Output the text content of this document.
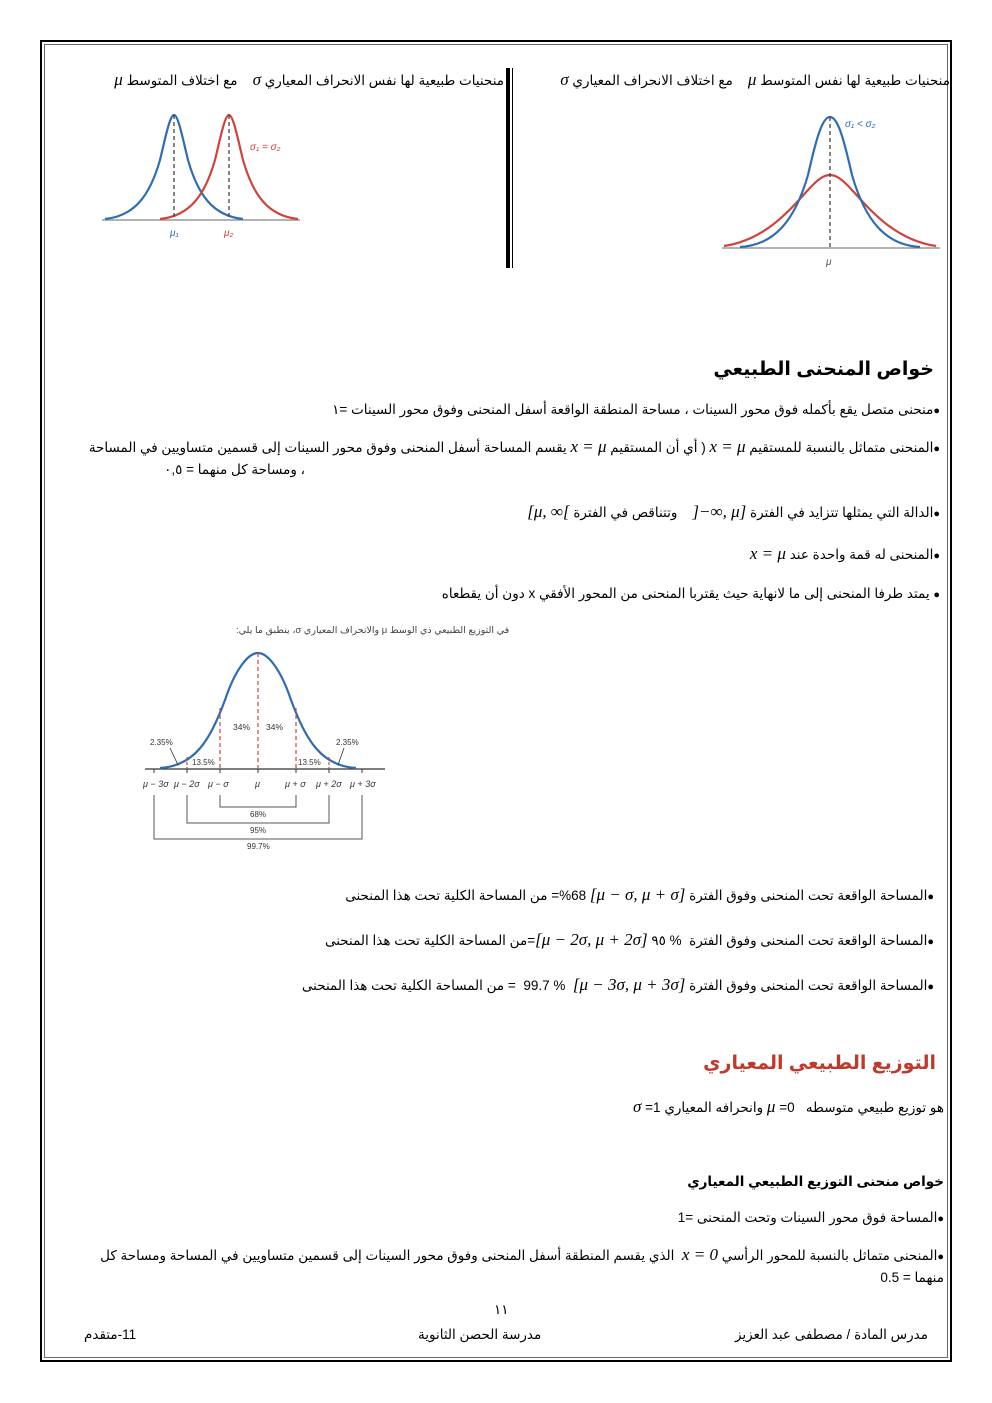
منحنيات طبيعية لها نفس المتوسط μ    مع اختلاف الانحراف المعياري σ
منحنيات طبيعية لها نفس الانحراف المعياري σ    مع اختلاف المتوسط μ
σ₁ = σ₂
μ₁	μ₂
σ₁ < σ₂
μ
خواص المنحنى الطبيعي
●منحنى متصل يقع بأكمله فوق محور السينات ، مساحة المنطقة الواقعة أسفل المنحنى وفوق محور السينات =١
●المنحنى متماثل بالنسبة للمستقيم x = μ ( أي أن المستقيم x = μ يقسم المساحة أسفل المنحنى وفوق محور السينات إلى قسمين متساويين في المساحة
، ومساحة كل منهما = ٠,٥
●الدالة التي يمثلها تتزايد في الفترة ]−∞, μ]    وتتناقص في الفترة [μ, ∞[
●المنحنى له قمة واحدة عند x = μ
● يمتد طرفا المنحنى إلى ما لانهاية حيث يقتربا المنحنى من المحور الأفقي x دون أن يقطعاه
في التوزيع الطبيعي ذي الوسط μ والانحراف المعياري σ، ينطبق ما يلي:
34% 34%
13.5%	13.5%
2.35%	2.35%
μ − 3σ μ − 2σ μ − σ	μ	μ + σ μ + 2σ μ + 3σ
68%
95%
99.7%
●المساحة الواقعة تحت المنحنى وفوق الفترة [μ − σ, μ + σ] 68%= من المساحة الكلية تحت هذا المنحنى
●المساحة الواقعة تحت المنحنى وفوق الفترة  % ٩٥ [μ − 2σ, μ + 2σ]=من المساحة الكلية تحت هذا المنحنى
●المساحة الواقعة تحت المنحنى وفوق الفترة [μ − 3σ, μ + 3σ]  % 99.7  = من المساحة الكلية تحت هذا المنحنى
التوزيع الطبيعي المعياري
هو توزيع طبيعي متوسطه   μ =0 وانحرافه المعياري σ =1
خواص منحنى التوزيع الطبيعي المعياري
●المساحة فوق محور السينات وتحت المنحنى =1
●المنحنى متماثل بالنسبة للمحور الرأسي x = 0  الذي يقسم المنطقة أسفل المنحنى وفوق محور السينات إلى قسمين متساويين في المساحة ومساحة كل
منهما = 0.5
١١
مدرس المادة / مصطفى عبد العزيز
مدرسة الحصن الثانوية
11-متقدم
